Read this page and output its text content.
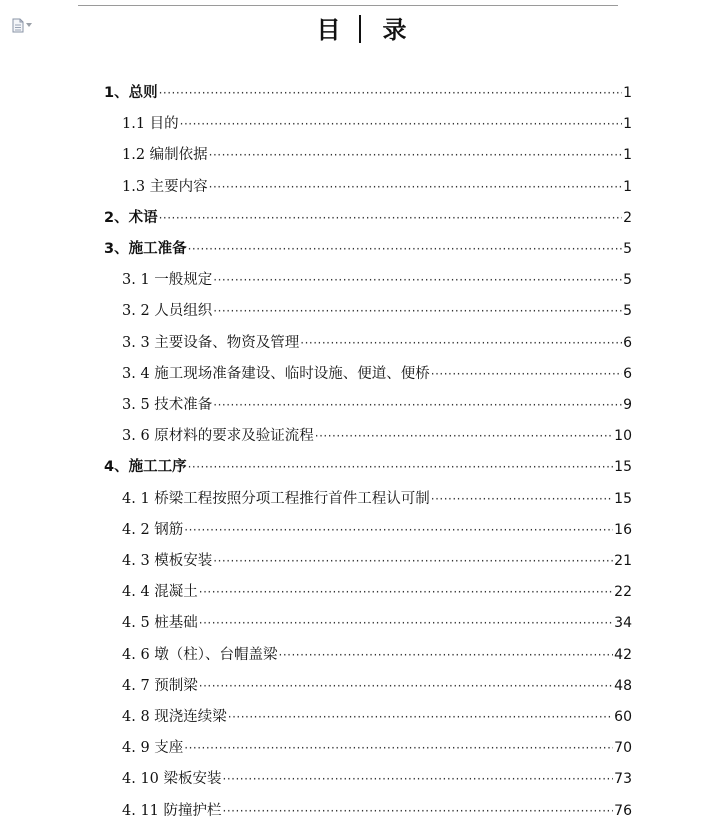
目 录
1、总则 ·····	1
1.1 目的 ·····	1
1.2 编制依据 ·····	1
1.3 主要内容 ·····	1
2、术语 ·····	2
3、施工准备 ·····	5
3. 1 一般规定 ·····	5
3. 2 人员组织 ·····	5
3. 3 主要设备、物资及管理 ·····	6
3. 4 施工现场准备建设、临时设施、便道、便桥 ·····	6
3. 5 技术准备 ·····	9
3. 6 原材料的要求及验证流程 ·····	10
4、施工工序 ·····	15
4. 1 桥梁工程按照分项工程推行首件工程认可制 ·····	15
4. 2 钢筋 ·····	16
4. 3 模板安装 ·····	21
4. 4 混凝土 ·····	22
4. 5 桩基础 ·····	34
4. 6 墩（柱）、台帽盖梁 ·····	42
4. 7 预制梁 ·····	48
4. 8 现浇连续梁 ·····	60
4. 9 支座 ·····	70
4. 10 梁板安装 ·····	73
4. 11 防撞护栏 ·····	76
